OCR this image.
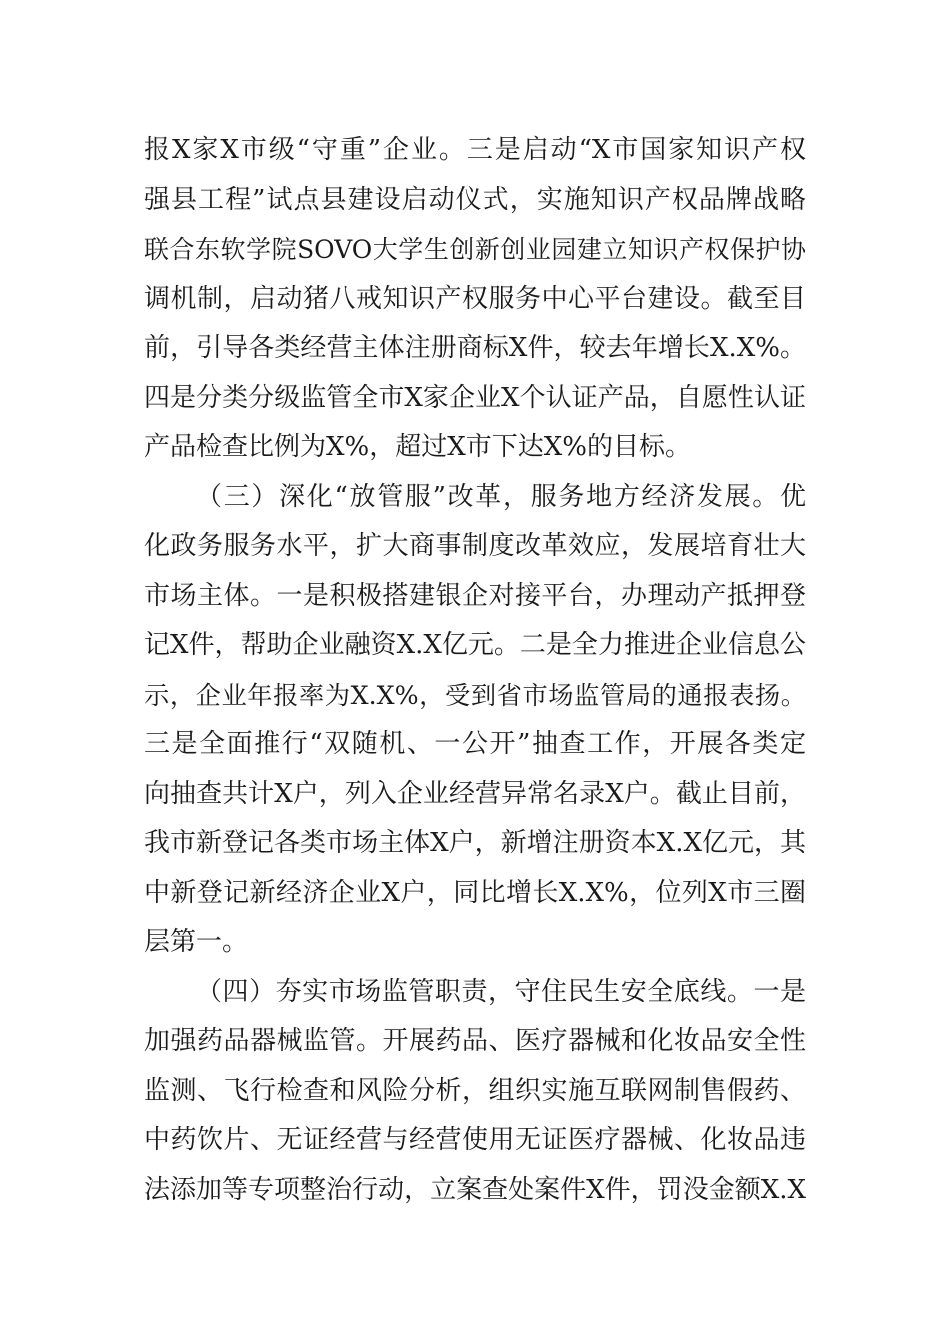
报X家X市级“守重”企业。三是启动“X市国家知识产权
强县工程”试点县建设启动仪式，实施知识产权品牌战略
联合东软学院SOVO大学生创新创业园建立知识产权保护协
调机制，启动猪八戒知识产权服务中心平台建设。截至目
前，引导各类经营主体注册商标X件，较去年增长X.X%。
四是分类分级监管全市X家企业X个认证产品，自愿性认证
产品检查比例为X%，超过X市下达X%的目标。
（三）深化“放管服”改革，服务地方经济发展。优
化政务服务水平，扩大商事制度改革效应，发展培育壮大
市场主体。一是积极搭建银企对接平台，办理动产抵押登
记X件，帮助企业融资X.X亿元。二是全力推进企业信息公
示，企业年报率为X.X%，受到省市场监管局的通报表扬。
三是全面推行“双随机、一公开”抽查工作，开展各类定
向抽查共计X户，列入企业经营异常名录X户。截止目前，
我市新登记各类市场主体X户，新增注册资本X.X亿元，其
中新登记新经济企业X户，同比增长X.X%，位列X市三圈
层第一。
（四）夯实市场监管职责，守住民生安全底线。一是
加强药品器械监管。开展药品、医疗器械和化妆品安全性
监测、飞行检查和风险分析，组织实施互联网制售假药、
中药饮片、无证经营与经营使用无证医疗器械、化妆品违
法添加等专项整治行动，立案查处案件X件，罚没金额X.X
